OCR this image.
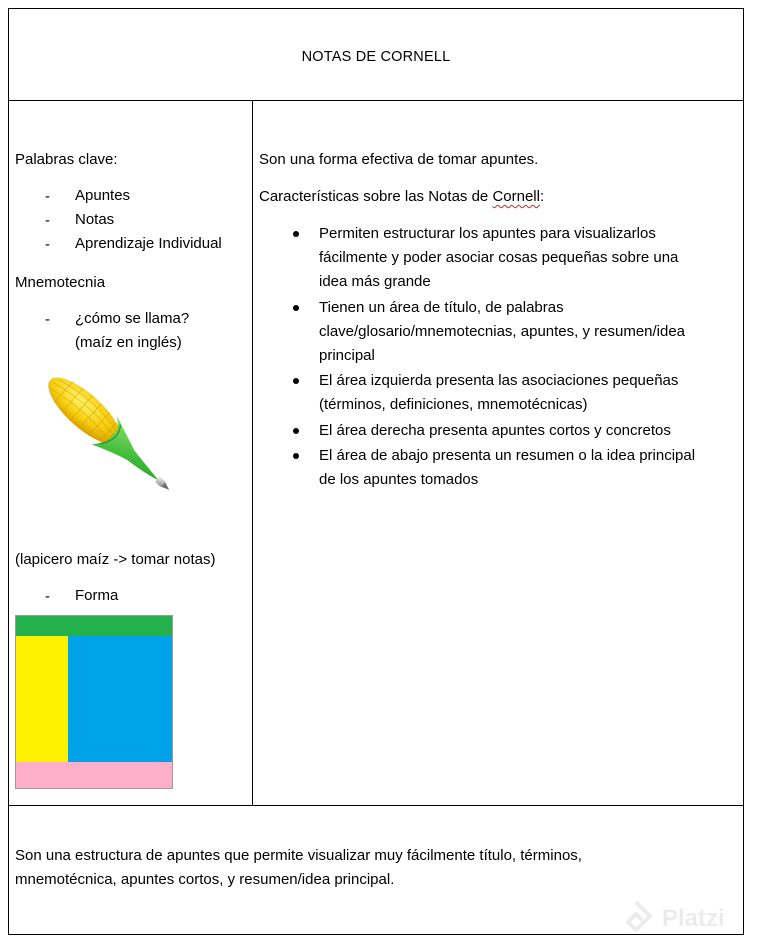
NOTAS DE CORNELL
Palabras clave:
- Apuntes
- Notas
- Aprendizaje Individual
Mnemotecnia
- ¿cómo se llama?
(maíz en inglés)
(lapicero maíz -> tomar notas)
- Forma
Son una forma efectiva de tomar apuntes.
Características sobre las Notas de Cornell:
Permiten estructurar los apuntes para visualizarlos
fácilmente y poder asociar cosas pequeñas sobre una
idea más grande
Tienen un área de título, de palabras
clave/glosario/mnemotecnias, apuntes, y resumen/idea
principal
El área izquierda presenta las asociaciones pequeñas
(términos, definiciones, mnemotécnicas)
El área derecha presenta apuntes cortos y concretos
El área de abajo presenta un resumen o la idea principal
de los apuntes tomados
Son una estructura de apuntes que permite visualizar muy fácilmente título, términos,
mnemotécnica, apuntes cortos, y resumen/idea principal.
Platzi
